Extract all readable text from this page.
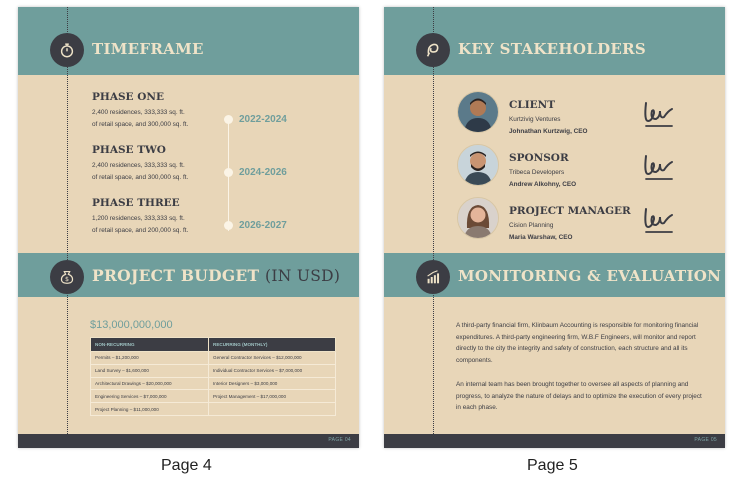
TIMEFRAME
PHASE ONE
2,400 residences, 333,333 sq. ft.
of retail space, and 300,000 sq. ft.
PHASE TWO
2,400 residences, 333,333 sq. ft.
of retail space, and 300,000 sq. ft.
PHASE THREE
1,200 residences, 333,333 sq. ft.
of retail space, and 200,000 sq. ft.
2022-2024
2024-2026
2026-2027
$ PROJECT BUDGET (IN USD)
$13,000,000,000
NON-RECURRING	RECURRING (MONTHLY)
Permits – $1,200,000	General Contractor Services – $12,000,000
Land Survey – $1,600,000	Individual Contractor Services – $7,000,000
Architectural Drawings – $20,000,000	Interior Designers – $3,000,000
Engineering Services – $7,000,000	Project Management – $17,000,000
Project Planning – $11,000,000	
PAGE 04
KEY STAKEHOLDERS
CLIENT
Kurtzivig Ventures
Johnathan Kurtzwig, CEO
SPONSOR
Tribeca Developers
Andrew Alkohny, CEO
PROJECT MANAGER
Cision Planning
Maria Warshaw, CEO
MONITORING & EVALUATION
A third-party financial firm, Klinbaum Accounting is responsible for monitoring financial expenditures. A third-party engineering firm, W.B.F Engineers, will monitor and report directly to the city the integrity and safety of construction, each structure and all its components.
An internal team has been brought together to oversee all aspects of planning and progress, to analyze the nature of delays and to optimize the execution of every project in each phase.
PAGE 05
Page 4	Page 5
